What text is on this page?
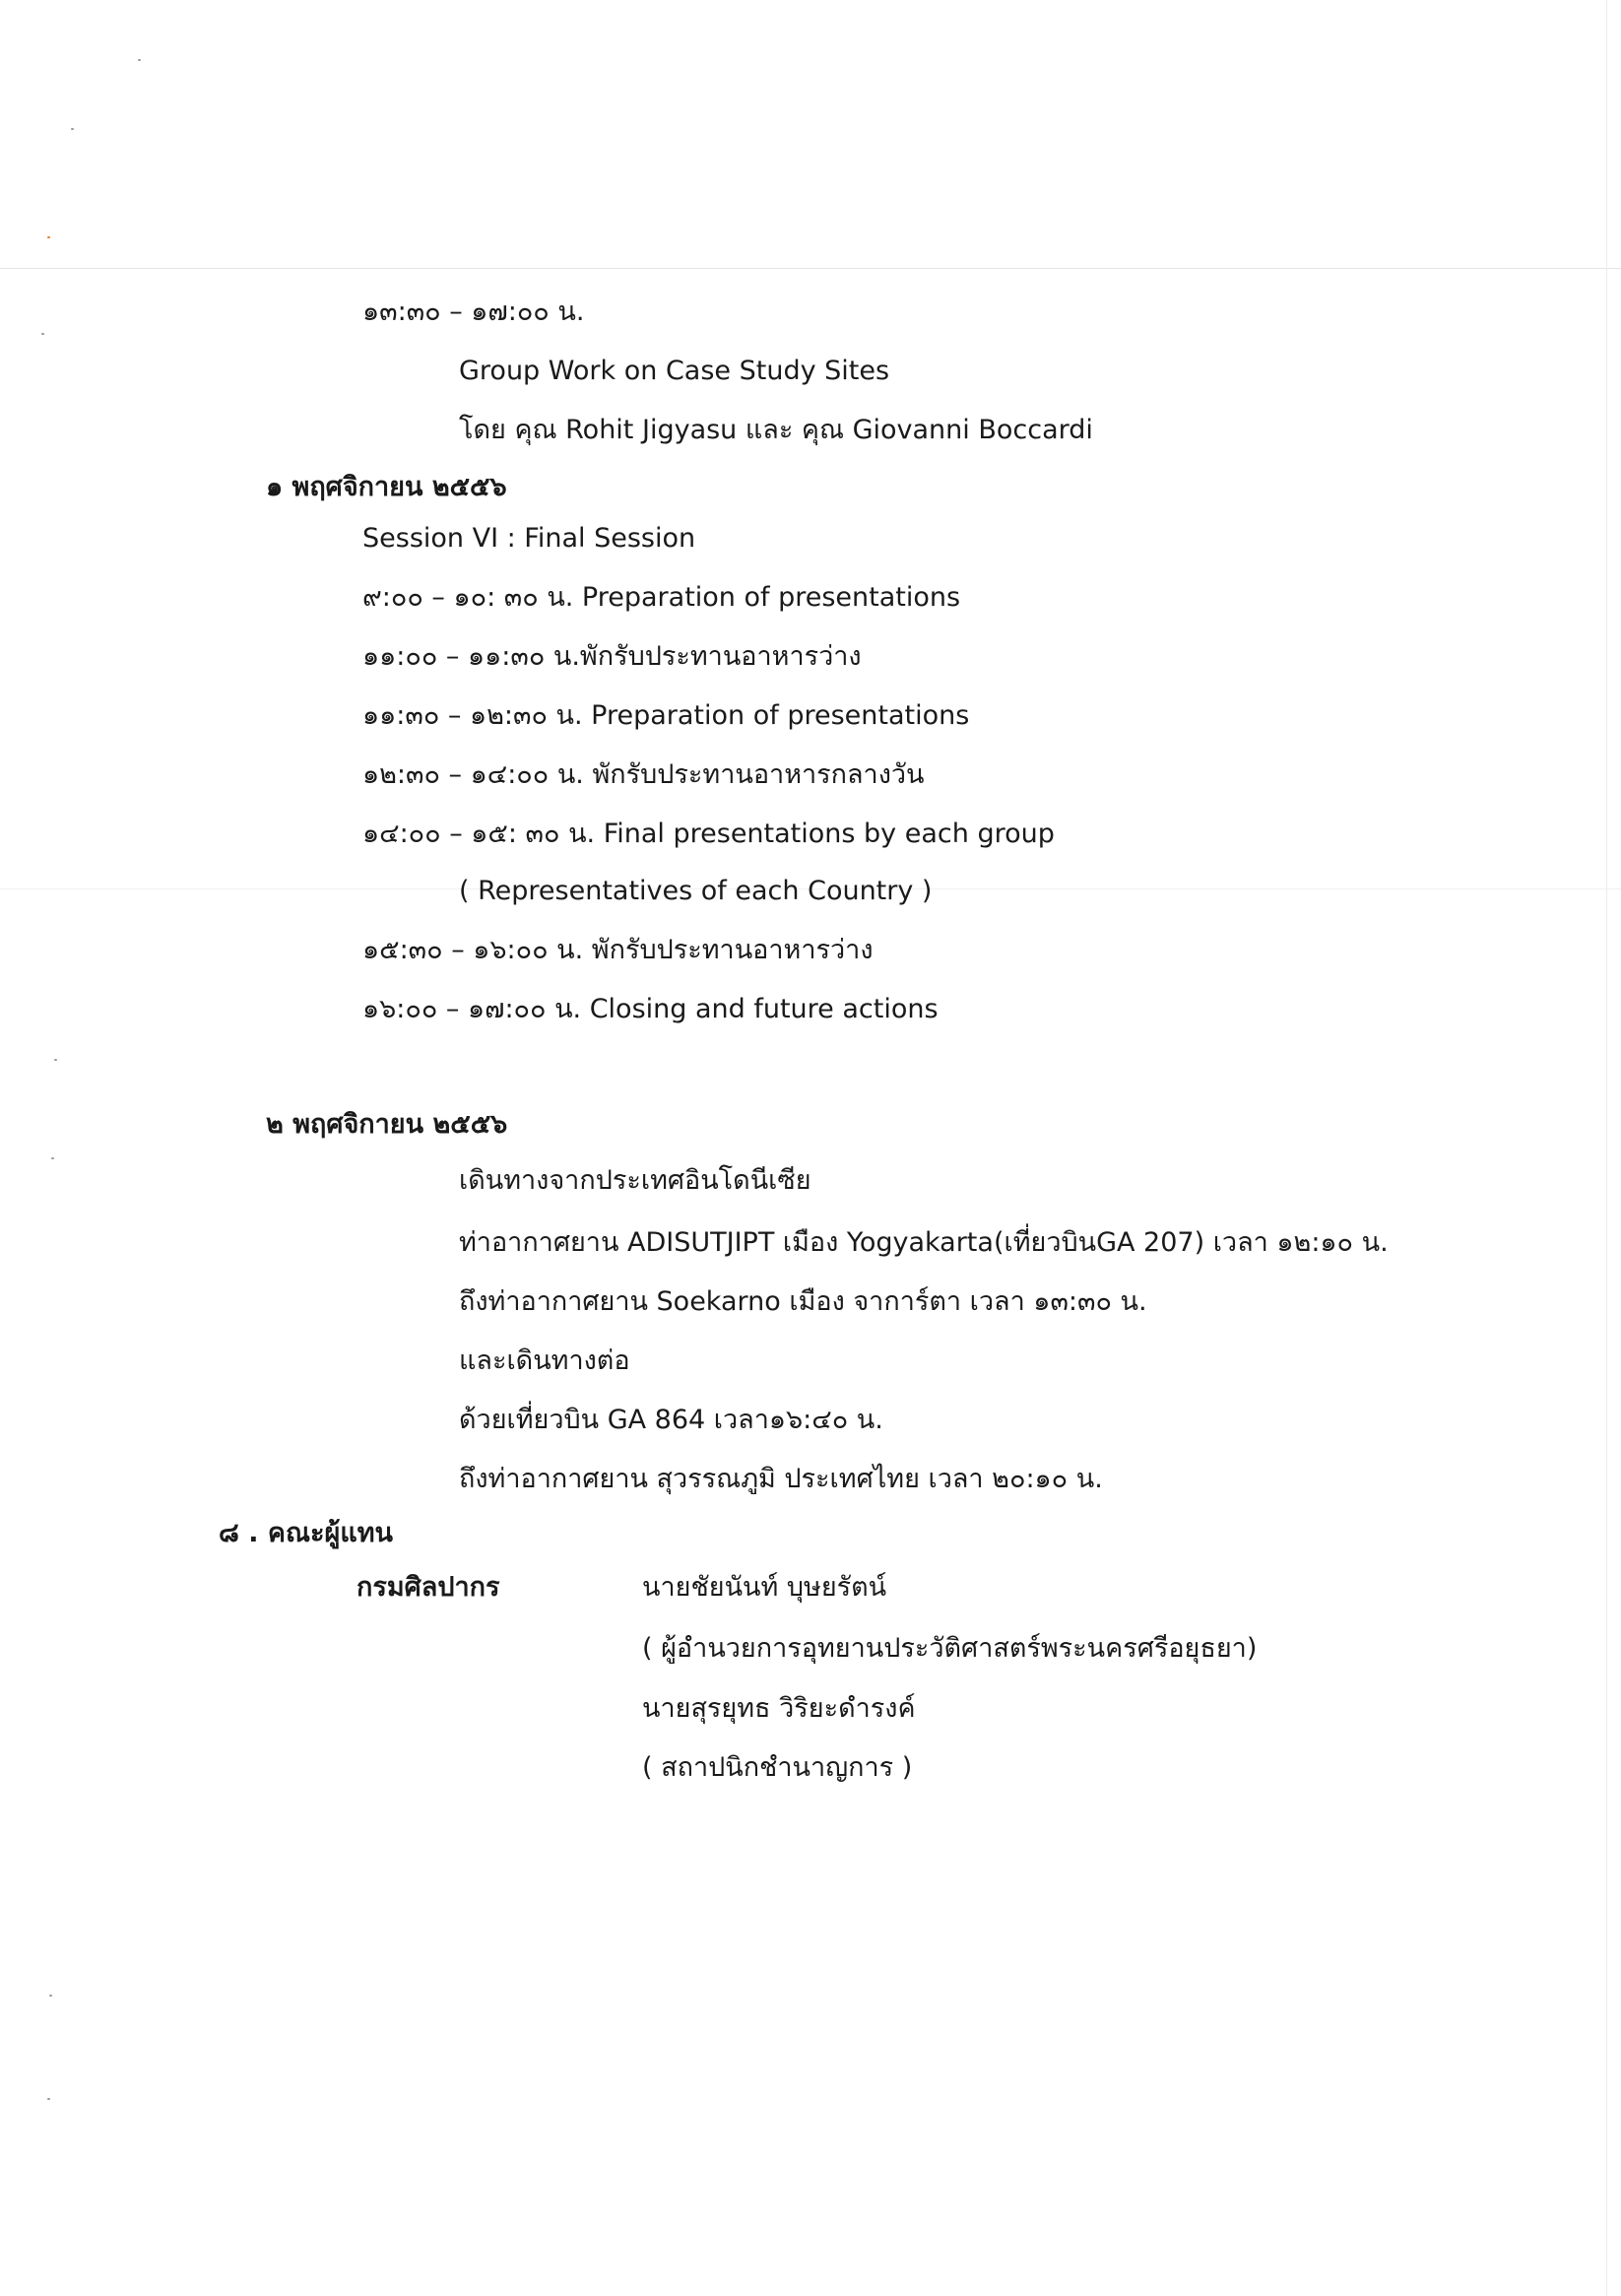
๑๓:๓๐ – ๑๗:๐๐ น.
Group Work on Case Study Sites
โดย คุณ Rohit Jigyasu และ คุณ Giovanni Boccardi
๑ พฤศจิกายน ๒๕๕๖
Session VI : Final Session
๙:๐๐ – ๑๐: ๓๐ น. Preparation of presentations
๑๑:๐๐ – ๑๑:๓๐ น.พักรับประทานอาหารว่าง
๑๑:๓๐ – ๑๒:๓๐ น. Preparation of presentations
๑๒:๓๐ – ๑๔:๐๐ น. พักรับประทานอาหารกลางวัน
๑๔:๐๐ – ๑๕: ๓๐ น. Final presentations by each group
( Representatives of each Country )
๑๕:๓๐ – ๑๖:๐๐ น. พักรับประทานอาหารว่าง
๑๖:๐๐ – ๑๗:๐๐ น. Closing and future actions
๒ พฤศจิกายน ๒๕๕๖
เดินทางจากประเทศอินโดนีเซีย
ท่าอากาศยาน ADISUTJIPT เมือง Yogyakarta(เที่ยวบินGA 207) เวลา ๑๒:๑๐ น.
ถึงท่าอากาศยาน Soekarno เมือง จาการ์ตา เวลา ๑๓:๓๐ น.
และเดินทางต่อ
ด้วยเที่ยวบิน GA 864 เวลา๑๖:๔๐ น.
ถึงท่าอากาศยาน สุวรรณภูมิ ประเทศไทย เวลา ๒๐:๑๐ น.
๘ . คณะผู้แทน
กรมศิลปากร	นายชัยนันท์ บุษยรัตน์
( ผู้อำนวยการอุทยานประวัติศาสตร์พระนครศรีอยุธยา)
นายสุรยุทธ วิริยะดำรงค์
( สถาปนิกชำนาญการ )
